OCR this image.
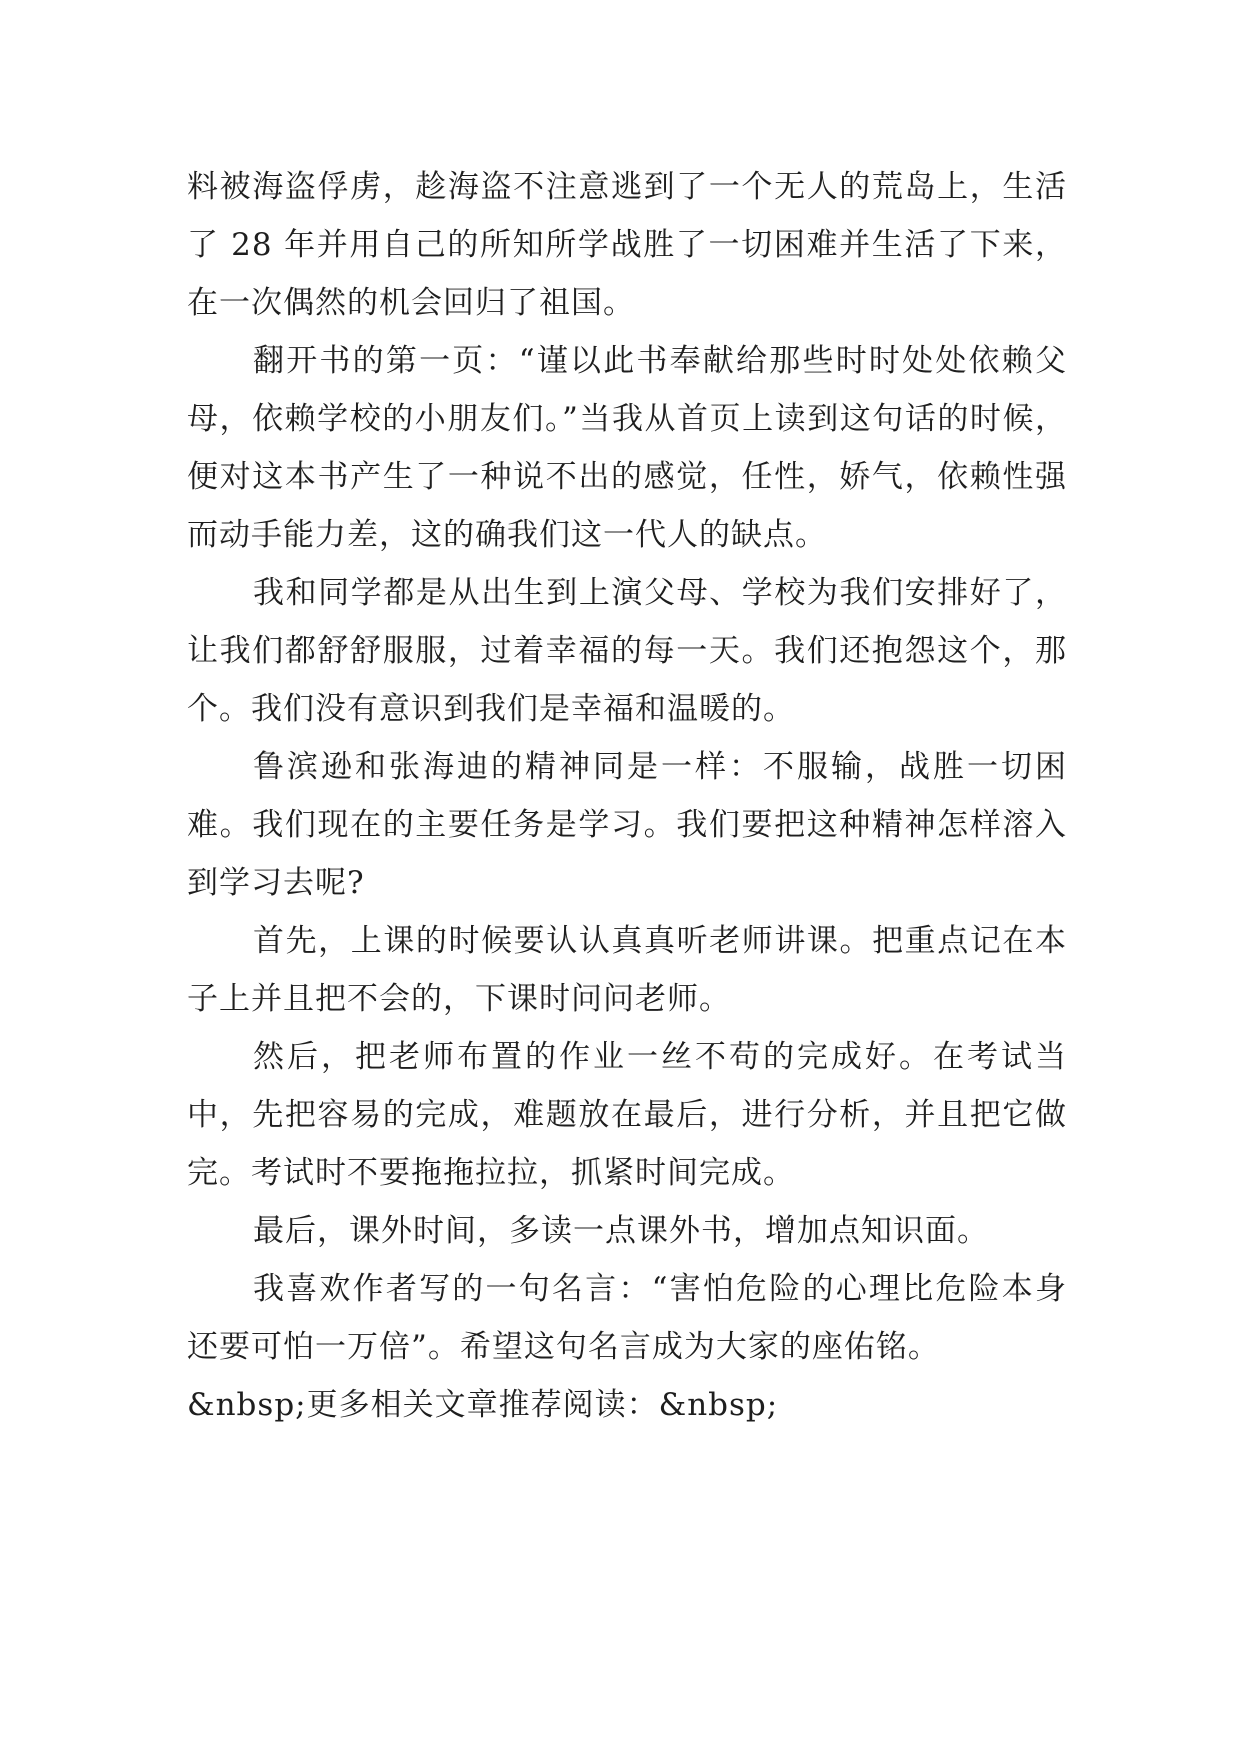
料被海盗俘虏，趁海盗不注意逃到了一个无人的荒岛上，生活了 28 年并用自己的所知所学战胜了一切困难并生活了下来，在一次偶然的机会回归了祖国。

翻开书的第一页：“谨以此书奉献给那些时时处处依赖父母，依赖学校的小朋友们。”当我从首页上读到这句话的时候，便对这本书产生了一种说不出的感觉，任性，娇气，依赖性强而动手能力差，这的确我们这一代人的缺点。

我和同学都是从出生到上演父母、学校为我们安排好了，让我们都舒舒服服，过着幸福的每一天。我们还抱怨这个，那个。我们没有意识到我们是幸福和温暖的。

鲁滨逊和张海迪的精神同是一样：不服输，战胜一切困难。我们现在的主要任务是学习。我们要把这种精神怎样溶入到学习去呢?

首先，上课的时候要认认真真听老师讲课。把重点记在本子上并且把不会的，下课时问问老师。

然后，把老师布置的作业一丝不苟的完成好。在考试当中，先把容易的完成，难题放在最后，进行分析，并且把它做完。考试时不要拖拖拉拉，抓紧时间完成。

最后，课外时间，多读一点课外书，增加点知识面。

我喜欢作者写的一句名言：“害怕危险的心理比危险本身还要可怕一万倍”。希望这句名言成为大家的座佑铭。

&nbsp;更多相关文章推荐阅读：&nbsp;
